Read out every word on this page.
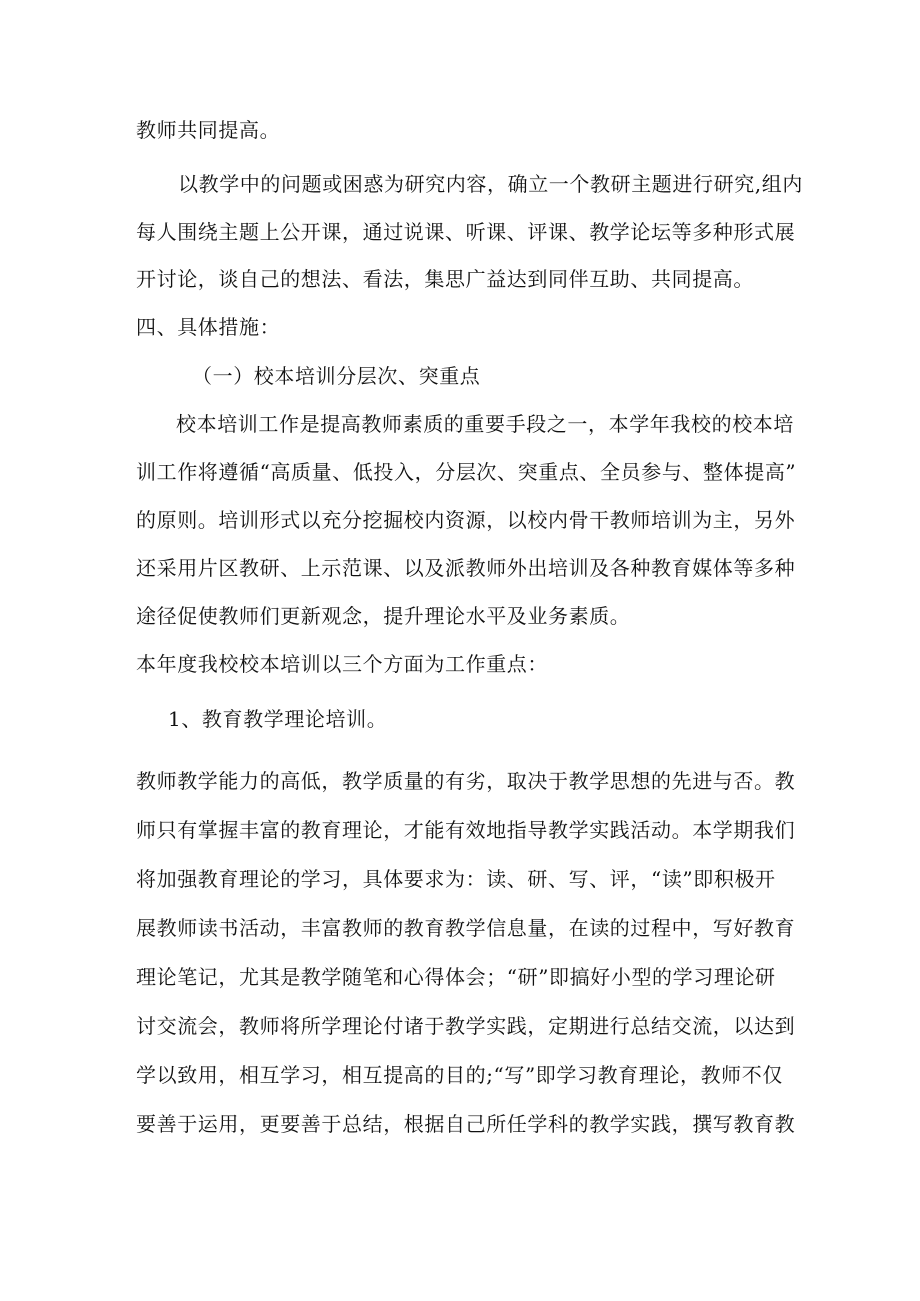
教师共同提高。
以教学中的问题或困惑为研究内容，确立一个教研主题进行研究,组内
每人围绕主题上公开课，通过说课、听课、评课、教学论坛等多种形式展
开讨论，谈自己的想法、看法，集思广益达到同伴互助、共同提高。
四、具体措施：
（一）校本培训分层次、突重点
校本培训工作是提高教师素质的重要手段之一，本学年我校的校本培
训工作将遵循“高质量、低投入，分层次、突重点、全员参与、整体提高”
的原则。培训形式以充分挖掘校内资源，以校内骨干教师培训为主，另外
还采用片区教研、上示范课、以及派教师外出培训及各种教育媒体等多种
途径促使教师们更新观念，提升理论水平及业务素质。
本年度我校校本培训以三个方面为工作重点：
1、教育教学理论培训。
教师教学能力的高低，教学质量的有劣，取决于教学思想的先进与否。教
师只有掌握丰富的教育理论，才能有效地指导教学实践活动。本学期我们
将加强教育理论的学习，具体要求为：读、研、写、评，“读”即积极开
展教师读书活动，丰富教师的教育教学信息量，在读的过程中，写好教育
理论笔记，尤其是教学随笔和心得体会；“研”即搞好小型的学习理论研
讨交流会，教师将所学理论付诸于教学实践，定期进行总结交流，以达到
学以致用，相互学习，相互提高的目的;“写”即学习教育理论，教师不仅
要善于运用，更要善于总结，根据自己所任学科的教学实践，撰写教育教
